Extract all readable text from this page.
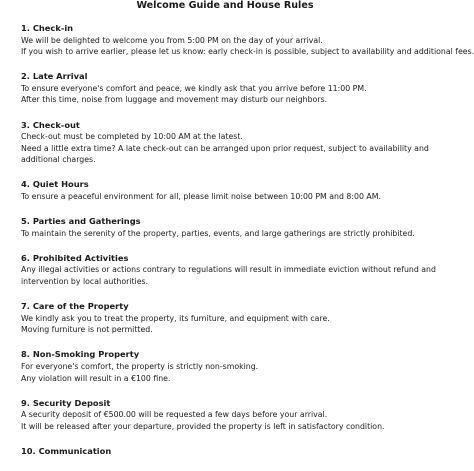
Welcome Guide and House Rules
1. Check-in
We will be delighted to welcome you from 5:00 PM on the day of your arrival.
If you wish to arrive earlier, please let us know: early check-in is possible, subject to availability and additional fees.
2. Late Arrival
To ensure everyone's comfort and peace, we kindly ask that you arrive before 11:00 PM.
After this time, noise from luggage and movement may disturb our neighbors.
3. Check-out
Check-out must be completed by 10:00 AM at the latest.
Need a little extra time? A late check-out can be arranged upon prior request, subject to availability and additional charges.
4. Quiet Hours
To ensure a peaceful environment for all, please limit noise between 10:00 PM and 8:00 AM.
5. Parties and Gatherings
To maintain the serenity of the property, parties, events, and large gatherings are strictly prohibited.
6. Prohibited Activities
Any illegal activities or actions contrary to regulations will result in immediate eviction without refund and intervention by local authorities.
7. Care of the Property
We kindly ask you to treat the property, its furniture, and equipment with care.
Moving furniture is not permitted.
8. Non-Smoking Property
For everyone's comfort, the property is strictly non-smoking.
Any violation will result in a €100 fine.
9. Security Deposit
A security deposit of €500.00 will be requested a few days before your arrival.
It will be released after your departure, provided the property is left in satisfactory condition.
10. Communication
